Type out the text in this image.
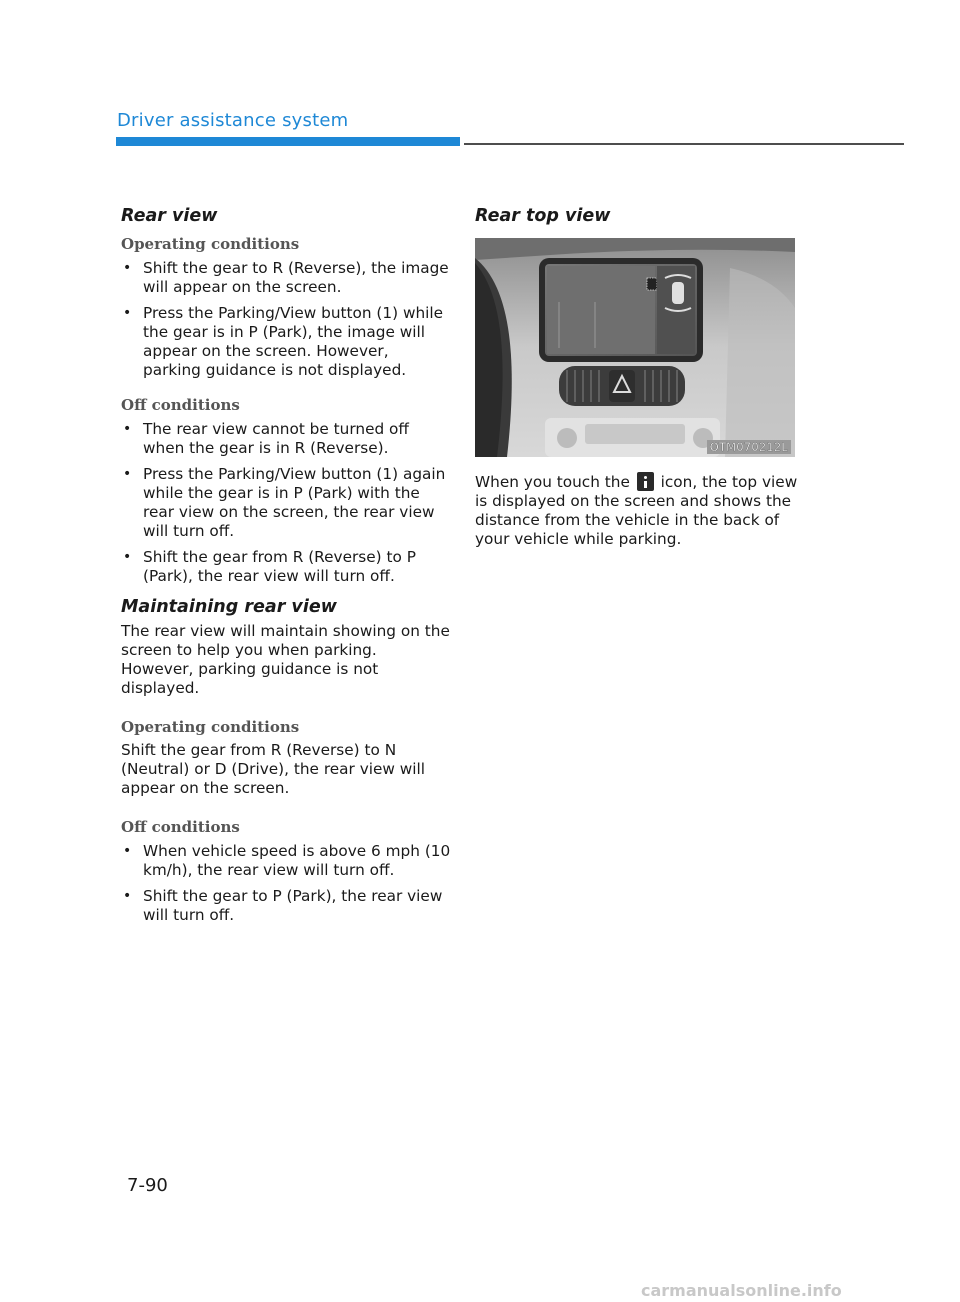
Driver assistance system
Rear view
Operating conditions
• Shift the gear to R (Reverse), the image will appear on the screen.
• Press the Parking/View button (1) while the gear is in P (Park), the image will appear on the screen. However, parking guidance is not displayed.
Off conditions
• The rear view cannot be turned off when the gear is in R (Reverse).
• Press the Parking/View button (1) again while the gear is in P (Park) with the rear view on the screen, the rear view will turn off.
• Shift the gear from R (Reverse) to P (Park), the rear view will turn off.
Maintaining rear view

The rear view will maintain showing on the screen to help you when parking. However, parking guidance is not displayed.

Operating conditions

Shift the gear from R (Reverse) to N (Neutral) or D (Drive), the rear view will appear on the screen.

Off conditions
• When vehicle speed is above 6 mph (10 km/h), the rear view will turn off.
• Shift the gear to P (Park), the rear view will turn off.
Rear top view
OTM070212L

When you touch the icon, the top view is displayed on the screen and shows the distance from the vehicle in the back of your vehicle while parking.

7-90
carmanualsonline.info
